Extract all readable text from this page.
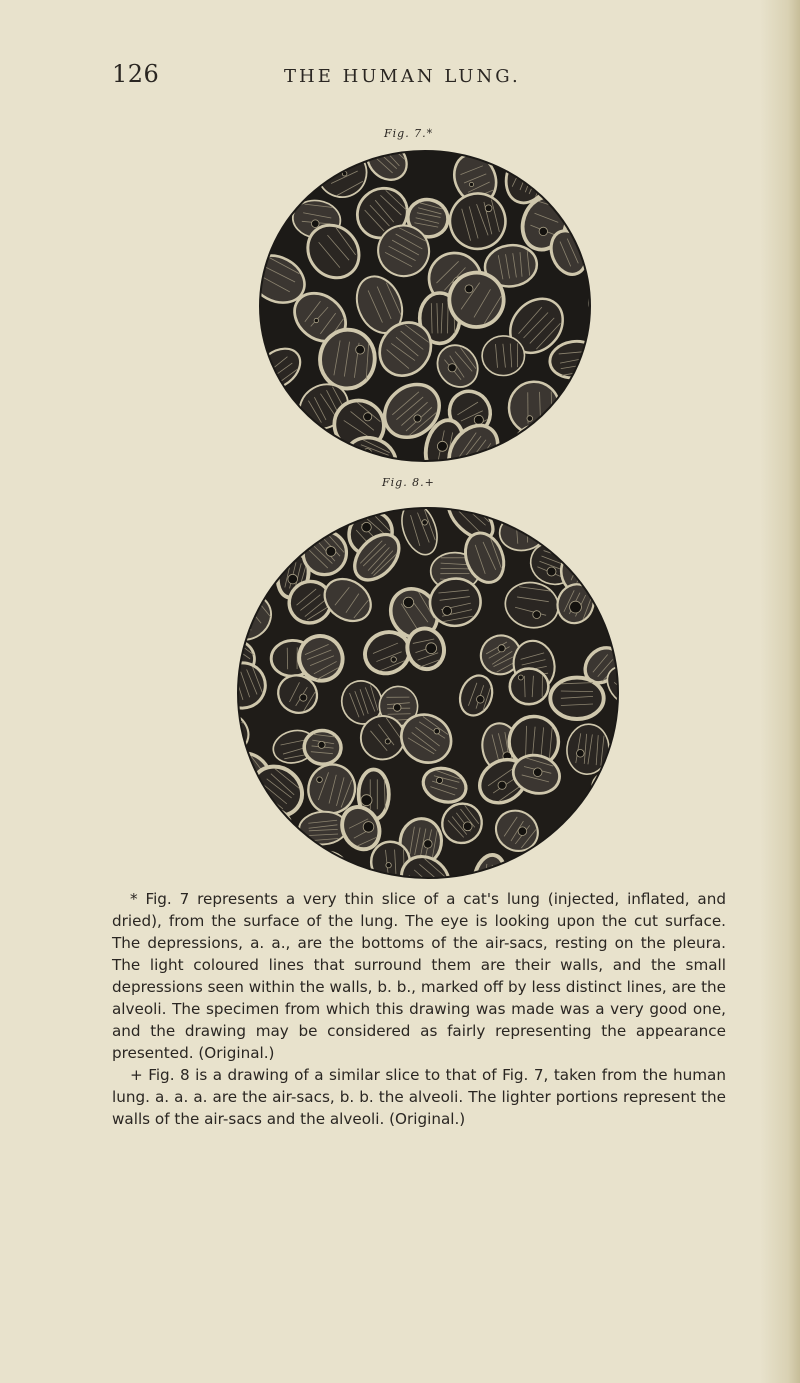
126	THE HUMAN LUNG.
Fig. 7.*
Fig. 8.+

* Fig. 7 represents a very thin slice of a cat's lung (injected, inflated, and dried), from the surface of the lung. The eye is looking upon the cut surface. The depressions, a. a., are the bottoms of the air-sacs, resting on the pleura. The light coloured lines that surround them are their walls, and the small depressions seen within the walls, b. b., marked off by less distinct lines, are the alveoli. The specimen from which this drawing was made was a very good one, and the drawing may be considered as fairly representing the appearance presented. (Original.)

+ Fig. 8 is a drawing of a similar slice to that of Fig. 7, taken from the human lung. a. a. a. are the air-sacs, b. b. the alveoli. The lighter portions represent the walls of the air-sacs and the alveoli. (Original.)
